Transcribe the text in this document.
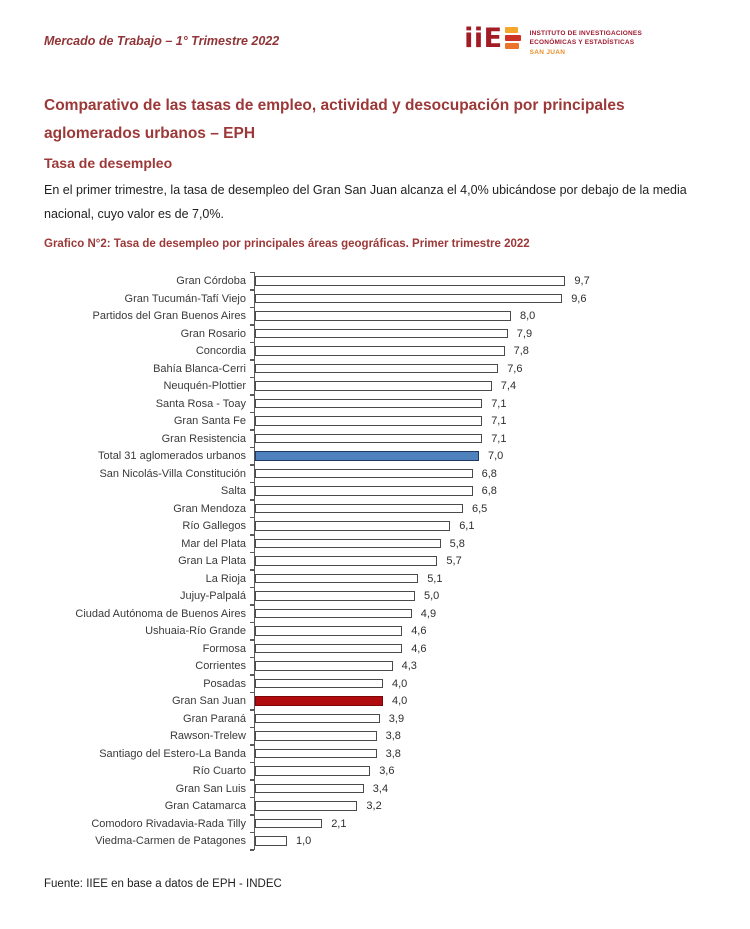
Mercado de Trabajo – 1° Trimestre 2022	iiE	INSTITUTO DE INVESTIGACIONES
ECONÓMICAS Y ESTADÍSTICAS
SAN JUAN
Comparativo de las tasas de empleo, actividad y desocupación por principales aglomerados urbanos – EPH
Tasa de desempleo
En el primer trimestre, la tasa de desempleo del Gran San Juan alcanza el 4,0% ubicándose por debajo de la media nacional, cuyo valor es de 7,0%.
Grafico N°2: Tasa de desempleo por principales áreas geográficas. Primer trimestre 2022
Gran Córdoba	9,7
Gran Tucumán-Tafí Viejo	9,6
Partidos del Gran Buenos Aires	8,0
Gran Rosario	7,9
Concordia	7,8
Bahía Blanca-Cerri	7,6
Neuquén-Plottier	7,4
Santa Rosa - Toay	7,1
Gran Santa Fe	7,1
Gran Resistencia	7,1
Total 31 aglomerados urbanos	7,0
San Nicolás-Villa Constitución	6,8
Salta	6,8
Gran Mendoza	6,5
Río Gallegos	6,1
Mar del Plata	5,8
Gran La Plata	5,7
La Rioja	5,1
Jujuy-Palpalá	5,0
Ciudad Autónoma de Buenos Aires	4,9
Ushuaia-Río Grande	4,6
Formosa	4,6
Corrientes	4,3
Posadas	4,0
Gran San Juan	4,0
Gran Paraná	3,9
Rawson-Trelew	3,8
Santiago del Estero-La Banda	3,8
Río Cuarto	3,6
Gran San Luis	3,4
Gran Catamarca	3,2
Comodoro Rivadavia-Rada Tilly	2,1
Viedma-Carmen de Patagones	1,0
Fuente: IIEE en base a datos de EPH - INDEC
